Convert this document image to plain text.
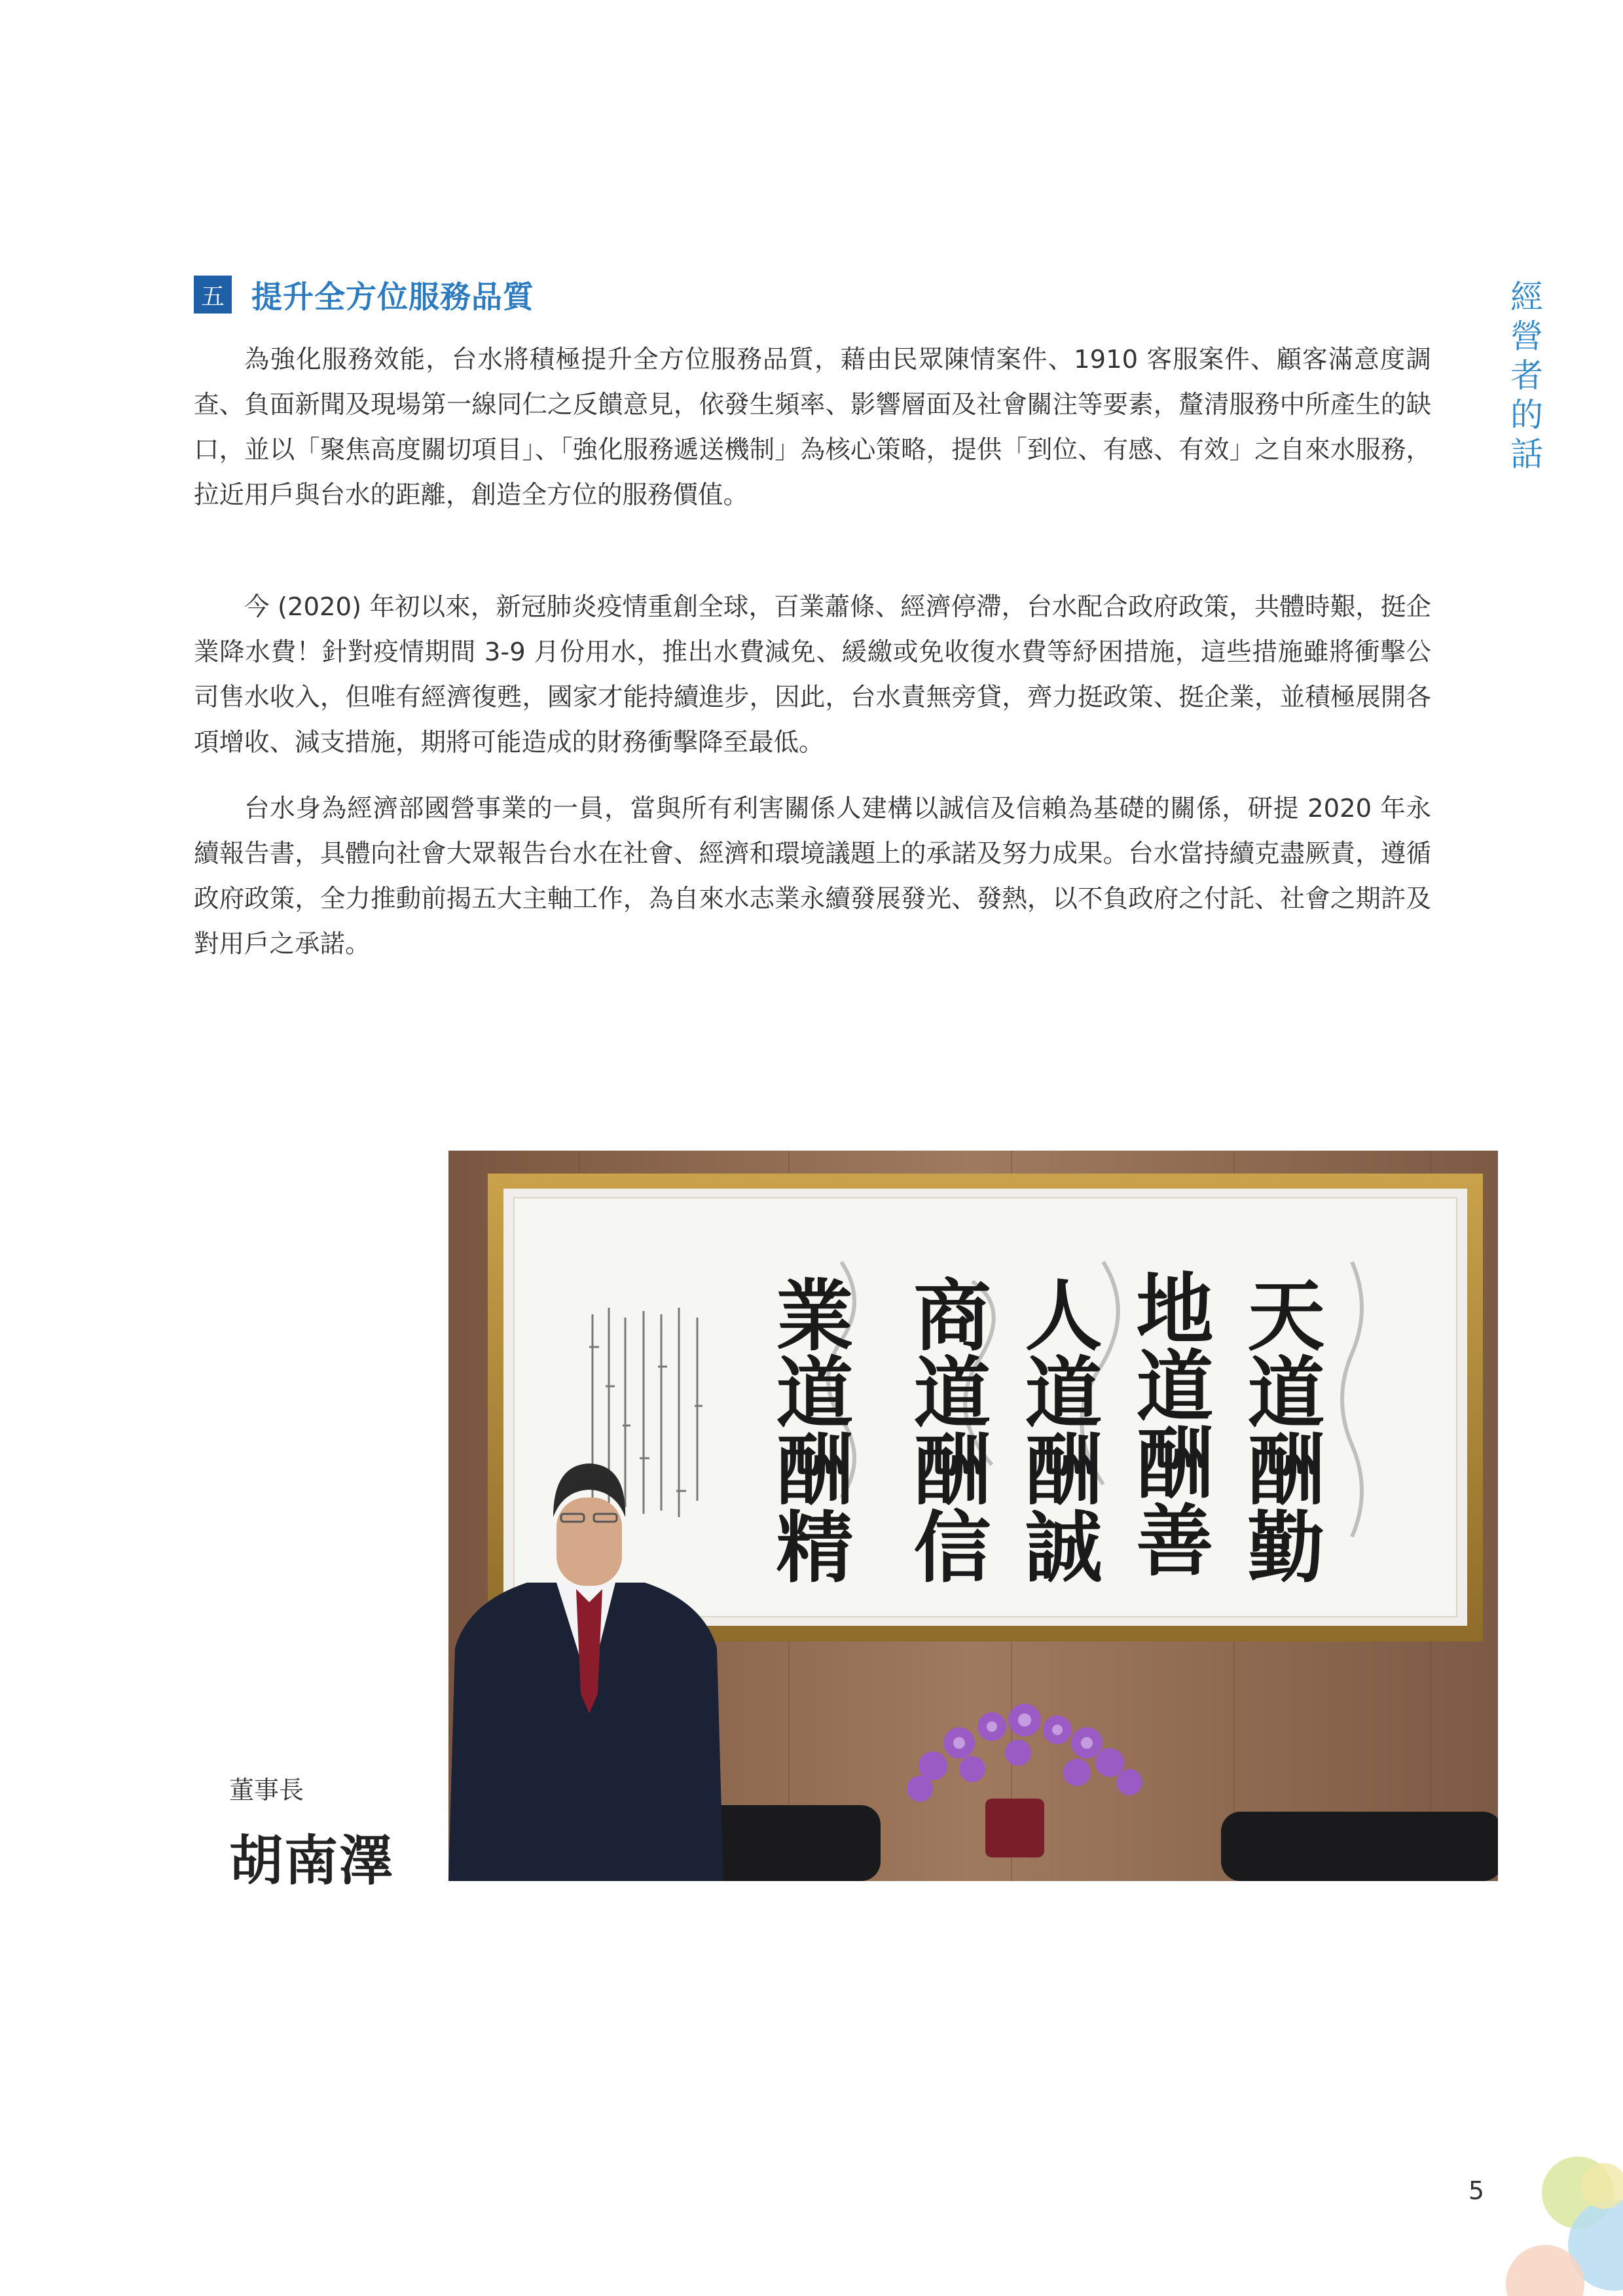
五 提升全方位服務品質	經
營
者
的
話

為強化服務效能，台水將積極提升全方位服務品質，藉由民眾陳情案件、1910 客服案件、顧客滿意度調查、負面新聞及現場第一線同仁之反饋意見，依發生頻率、影響層面及社會關注等要素，釐清服務中所產生的缺口，並以「聚焦高度關切項目」、「強化服務遞送機制」為核心策略，提供「到位、有感、有效」之自來水服務，拉近用戶與台水的距離，創造全方位的服務價值。

今 (2020) 年初以來，新冠肺炎疫情重創全球，百業蕭條、經濟停滯，台水配合政府政策，共體時艱，挺企業降水費！針對疫情期間 3-9 月份用水，推出水費減免、緩繳或免收復水費等紓困措施，這些措施雖將衝擊公司售水收入，但唯有經濟復甦，國家才能持續進步，因此，台水責無旁貸，齊力挺政策、挺企業，並積極展開各項增收、減支措施，期將可能造成的財務衝擊降至最低。

台水身為經濟部國營事業的一員，當與所有利害關係人建構以誠信及信賴為基礎的關係，研提 2020 年永續報告書，具體向社會大眾報告台水在社會、經濟和環境議題上的承諾及努力成果。台水當持續克盡厥責，遵循政府政策，全力推動前揭五大主軸工作，為自來水志業永續發展發光、發熱，以不負政府之付託、社會之期許及對用戶之承諾。

天道酬勤
地道酬善
人道酬誠
商道酬信
業道酬精
董事長
胡南澤
5
